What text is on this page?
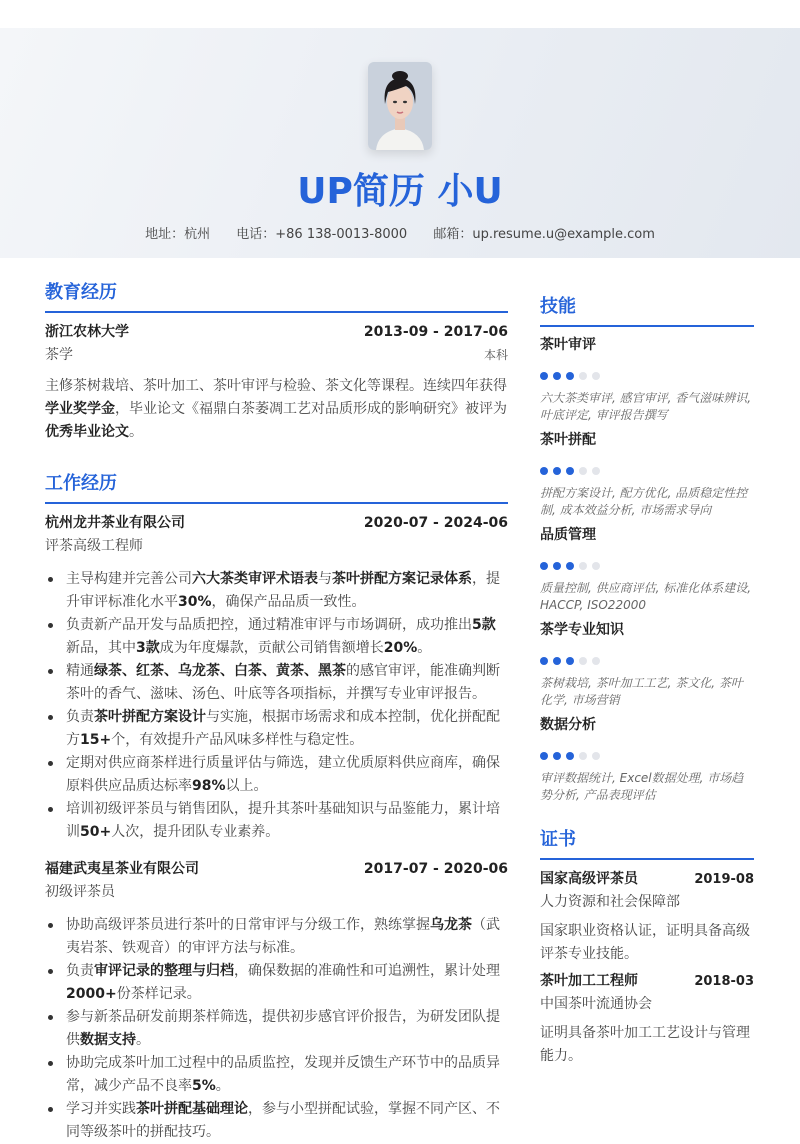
UP简历 小U
地址：杭州 电话：+86 138-0013-8000 邮箱：up.resume.u@example.com
教育经历
浙江农林大学	2013-09 - 2017-06
茶学	本科
主修茶树栽培、茶叶加工、茶叶审评与检验、茶文化等课程。连续四年获得学业奖学金，毕业论文《福鼎白茶萎凋工艺对品质形成的影响研究》被评为优秀毕业论文。
工作经历
杭州龙井茶业有限公司	2020-07 - 2024-06
评茶高级工程师
主导构建并完善公司六大茶类审评术语表与茶叶拼配方案记录体系，提升审评标准化水平30%，确保产品品质一致性。
负责新产品开发与品质把控，通过精准审评与市场调研，成功推出5款新品，其中3款成为年度爆款，贡献公司销售额增长20%。
精通绿茶、红茶、乌龙茶、白茶、黄茶、黑茶的感官审评，能准确判断茶叶的香气、滋味、汤色、叶底等各项指标，并撰写专业审评报告。
负责茶叶拼配方案设计与实施，根据市场需求和成本控制，优化拼配配方15+个，有效提升产品风味多样性与稳定性。
定期对供应商茶样进行质量评估与筛选，建立优质原料供应商库，确保原料供应品质达标率98%以上。
培训初级评茶员与销售团队，提升其茶叶基础知识与品鉴能力，累计培训50+人次，提升团队专业素养。
福建武夷星茶业有限公司	2017-07 - 2020-06
初级评茶员
协助高级评茶员进行茶叶的日常审评与分级工作，熟练掌握乌龙茶（武夷岩茶、铁观音）的审评方法与标准。
负责审评记录的整理与归档，确保数据的准确性和可追溯性，累计处理2000+份茶样记录。
参与新茶品研发前期茶样筛选，提供初步感官评价报告，为研发团队提供数据支持。
协助完成茶叶加工过程中的品质监控，发现并反馈生产环节中的品质异常，减少产品不良率5%。
学习并实践茶叶拼配基础理论，参与小型拼配试验，掌握不同产区、不同等级茶叶的拼配技巧。
技能
茶叶审评
六大茶类审评, 感官审评, 香气滋味辨识, 叶底评定, 审评报告撰写
茶叶拼配
拼配方案设计, 配方优化, 品质稳定性控制, 成本效益分析, 市场需求导向
品质管理
质量控制, 供应商评估, 标准化体系建设, HACCP, ISO22000
茶学专业知识
茶树栽培, 茶叶加工工艺, 茶文化, 茶叶化学, 市场营销
数据分析
审评数据统计, Excel数据处理, 市场趋势分析, 产品表现评估
证书
国家高级评茶员	2019-08
人力资源和社会保障部
国家职业资格认证，证明具备高级评茶专业技能。
茶叶加工工程师	2018-03
中国茶叶流通协会
证明具备茶叶加工工艺设计与管理能力。
